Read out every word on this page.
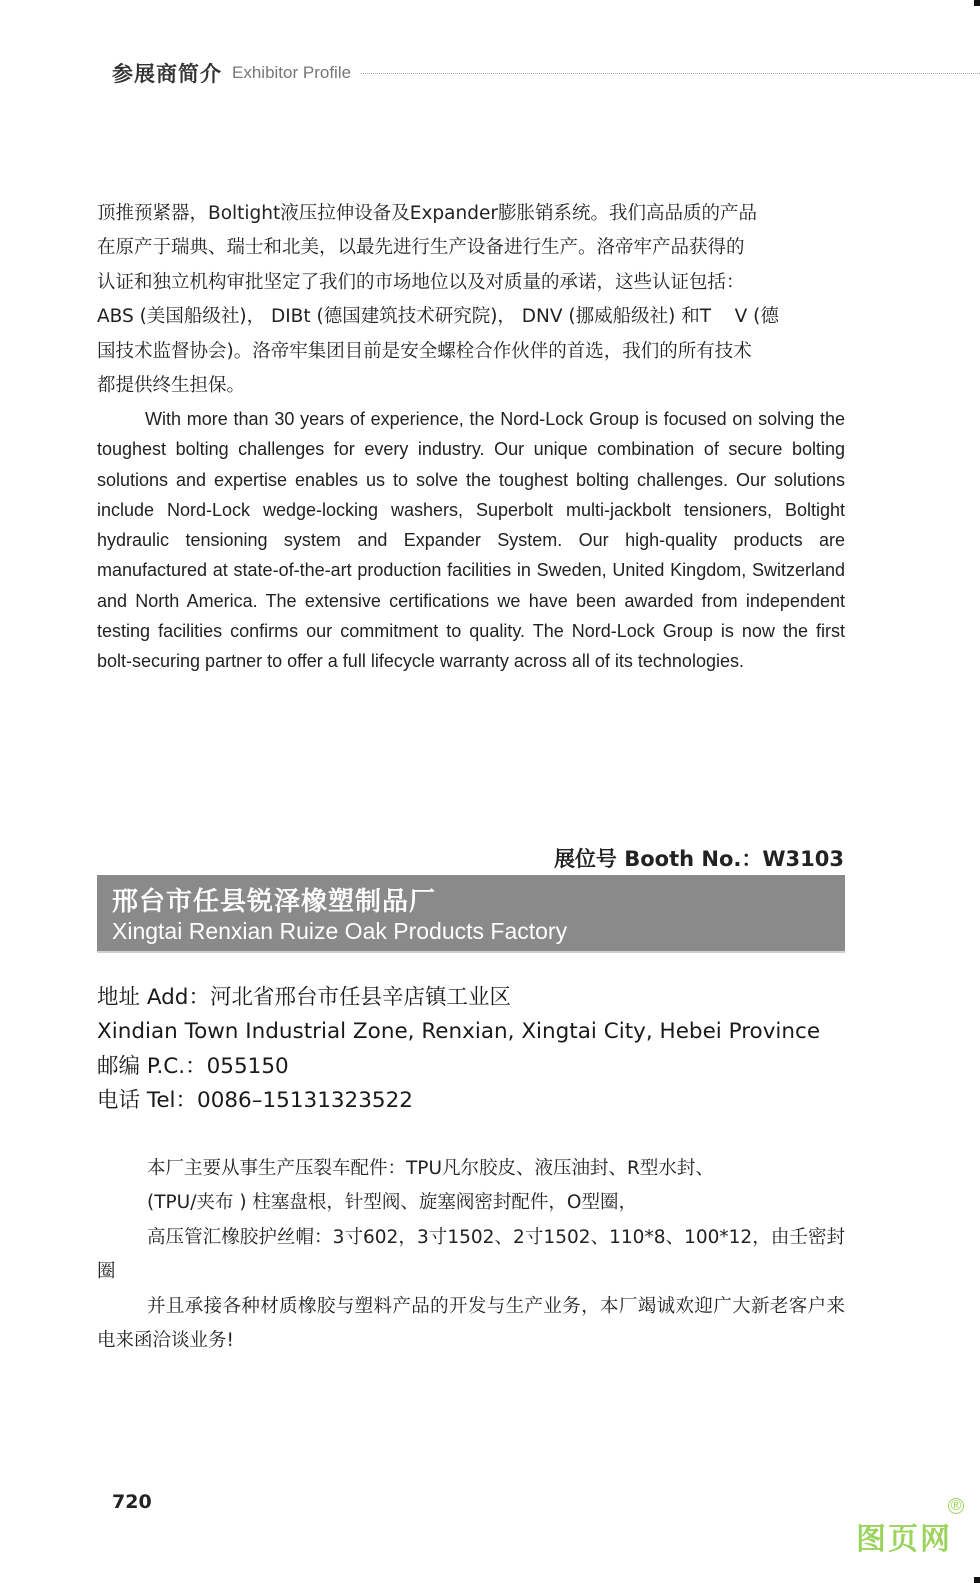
参展商简介 Exhibitor Profile
顶推预紧器，Boltight液压拉伸设备及Expander膨胀销系统。我们高品质的产品
在原产于瑞典、瑞士和北美，以最先进行生产设备进行生产。洛帝牢产品获得的
认证和独立机构审批坚定了我们的市场地位以及对质量的承诺，这些认证包括：
ABS (美国船级社)， DIBt (德国建筑技术研究院)， DNV (挪威船级社) 和T    V (德
国技术监督协会)。洛帝牢集团目前是安全螺栓合作伙伴的首选，我们的所有技术
都提供终生担保。
With more than 30 years of experience, the Nord-Lock Group is focused on solving the toughest bolting challenges for every industry. Our unique combination of secure bolting solutions and expertise enables us to solve the toughest bolting challenges. Our solutions include Nord-Lock wedge-locking washers, Superbolt multi-jackbolt tensioners, Boltight hydraulic tensioning system and Expander System. Our high-quality products are manufactured at state-of-the-art production facilities in Sweden, United Kingdom, Switzerland and North America. The extensive certifications we have been awarded from independent testing facilities confirms our commitment to quality. The Nord-Lock Group is now the first bolt-securing partner to offer a full lifecycle warranty across all of its technologies.
展位号 Booth No.：W3103
邢台市任县锐泽橡塑制品厂
Xingtai Renxian Ruize Oak Products Factory
地址 Add：河北省邢台市任县辛店镇工业区
Xindian Town Industrial Zone, Renxian, Xingtai City, Hebei Province
邮编 P.C.：055150
电话 Tel：0086–15131323522

本厂主要从事生产压裂车配件：TPU凡尔胶皮、液压油封、R型水封、

(TPU/夹布 ) 柱塞盘根，针型阀、旋塞阀密封配件，O型圈，

高压管汇橡胶护丝帽：3寸602，3寸1502、2寸1502、110*8、100*12，由壬密封圈

并且承接各种材质橡胶与塑料产品的开发与生产业务，本厂竭诚欢迎广大新老客户来电来函洽谈业务!

720
图页网
®
